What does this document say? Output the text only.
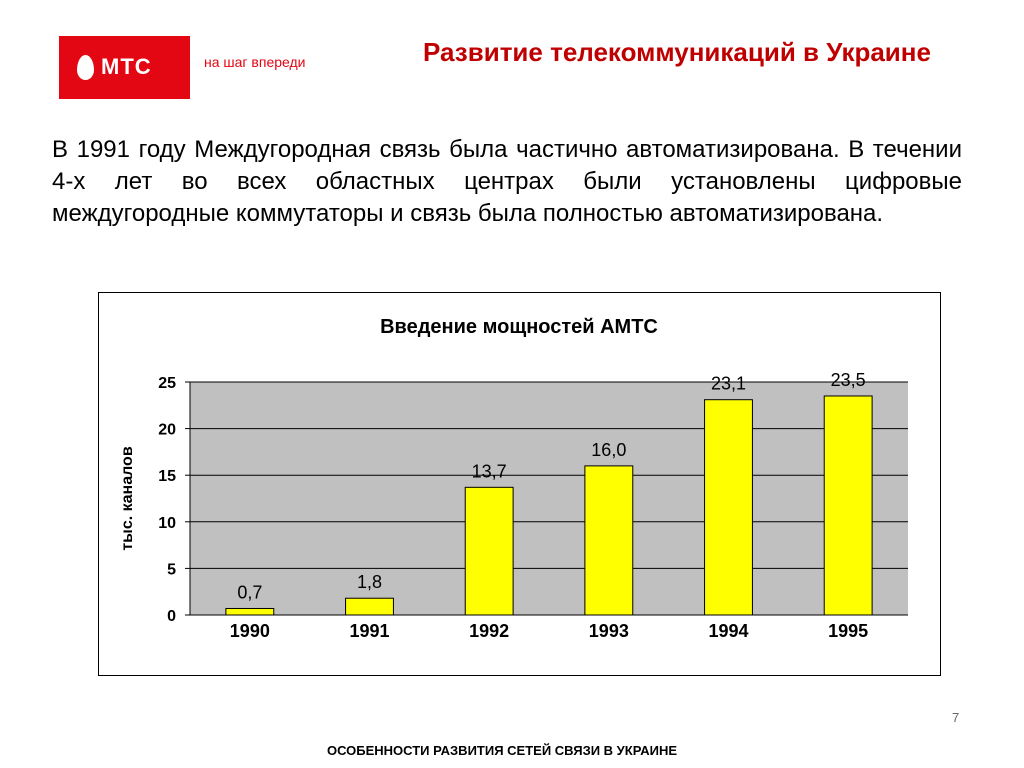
МТС	на шаг впереди	Развитие телекоммуникаций в Украине
В 1991 году Междугородная связь была частично автоматизирована. В течении 4-х лет во всех областных центрах были установлены цифровые междугородные коммутаторы и связь была полностью автоматизирована.
Введение мощностей АМТС
0
5
10
15
20
25
тыс. каналов
0,7
1990
1,8
1991
13,7
1992
16,0
1993
23,1
1994
23,5
1995
7
ОСОБЕННОСТИ РАЗВИТИЯ СЕТЕЙ СВЯЗИ В УКРАИНЕ
